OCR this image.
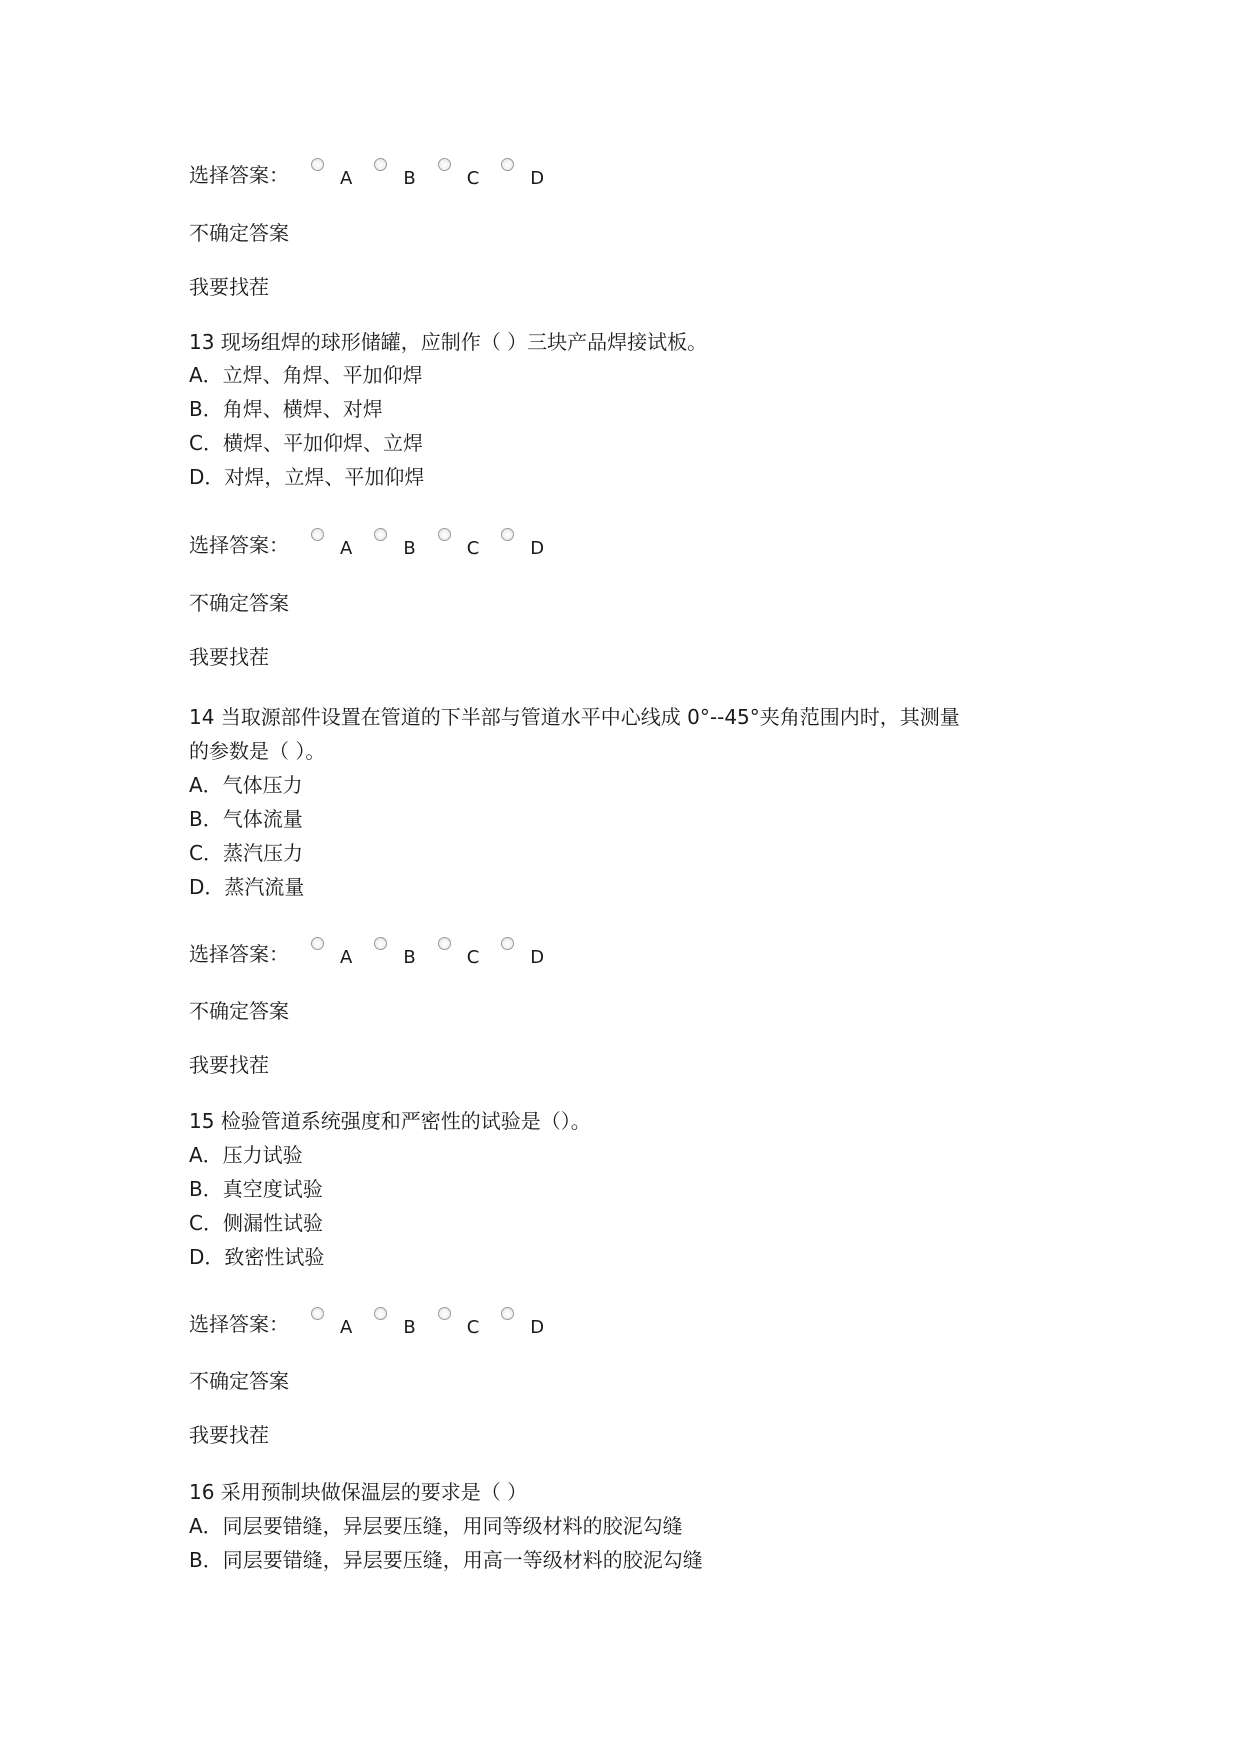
选择答案：	A	B	C	D
不确定答案
我要找茬
13 现场组焊的球形储罐，应制作（ ）三块产品焊接试板。
A．立焊、角焊、平加仰焊
B．角焊、横焊、对焊
C．横焊、平加仰焊、立焊
D．对焊，立焊、平加仰焊
选择答案：	A	B	C	D
不确定答案
我要找茬
14 当取源部件设置在管道的下半部与管道水平中心线成 0°--45°夹角范围内时，其测量
的参数是（ ）。
A．气体压力
B．气体流量
C．蒸汽压力
D．蒸汽流量
选择答案：	A	B	C	D
不确定答案
我要找茬
15 检验管道系统强度和严密性的试验是（）。
A．压力试验
B．真空度试验
C．侧漏性试验
D．致密性试验
选择答案：	A	B	C	D
不确定答案
我要找茬
16 采用预制块做保温层的要求是（ ）
A．同层要错缝，异层要压缝，用同等级材料的胶泥勾缝
B．同层要错缝，异层要压缝，用高一等级材料的胶泥勾缝
